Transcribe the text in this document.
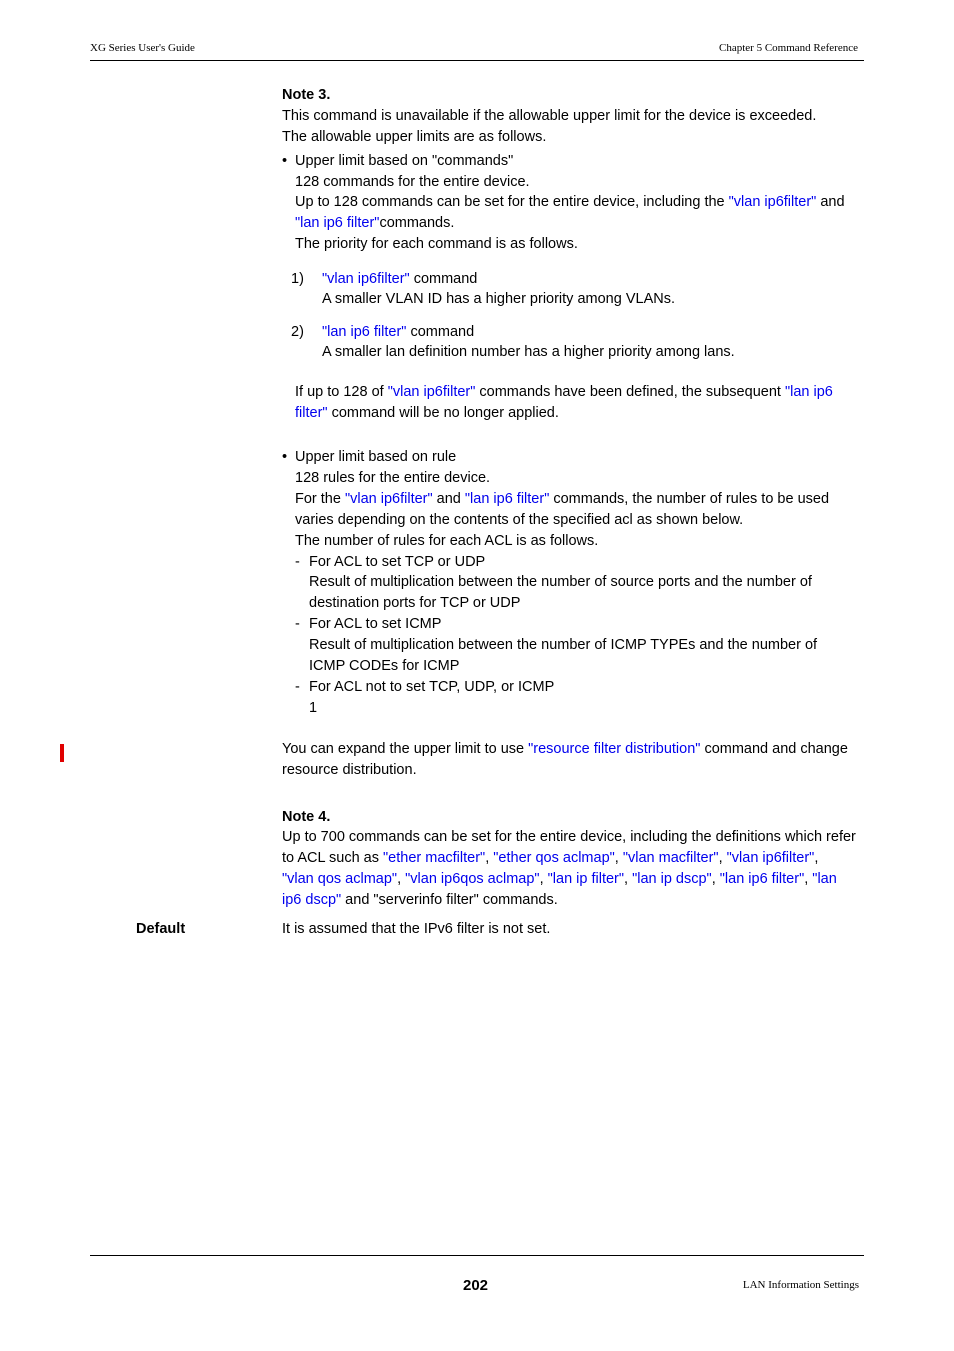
XG Series User's Guide	Chapter 5 Command Reference
Note 3.
This command is unavailable if the allowable upper limit for the device is exceeded.
The allowable upper limits are as follows.
• Upper limit based on "commands"
128 commands for the entire device.
Up to 128 commands can be set for the entire device, including the "vlan ip6filter" and
"lan ip6 filter"commands.
The priority for each command is as follows.
1) "vlan ip6filter" command
A smaller VLAN ID has a higher priority among VLANs.
2) "lan ip6 filter" command
A smaller lan definition number has a higher priority among lans.
If up to 128 of "vlan ip6filter" commands have been defined, the subsequent "lan ip6
filter" command will be no longer applied.
• Upper limit based on rule
128 rules for the entire device.
For the "vlan ip6filter" and "lan ip6 filter" commands, the number of rules to be used
varies depending on the contents of the specified acl as shown below.
The number of rules for each ACL is as follows.
- For ACL to set TCP or UDP
Result of multiplication between the number of source ports and the number of
destination ports for TCP or UDP
- For ACL to set ICMP
Result of multiplication between the number of ICMP TYPEs and the number of
ICMP CODEs for ICMP
- For ACL not to set TCP, UDP, or ICMP
1
You can expand the upper limit to use "resource filter distribution" command and change
resource distribution.
Note 4.
Up to 700 commands can be set for the entire device, including the definitions which refer
to ACL such as "ether macfilter", "ether qos aclmap", "vlan macfilter", "vlan ip6filter",
"vlan qos aclmap", "vlan ip6qos aclmap", "lan ip filter", "lan ip dscp", "lan ip6 filter", "lan
ip6 dscp" and "serverinfo filter" commands.
Default	It is assumed that the IPv6 filter is not set.
202	LAN Information Settings
